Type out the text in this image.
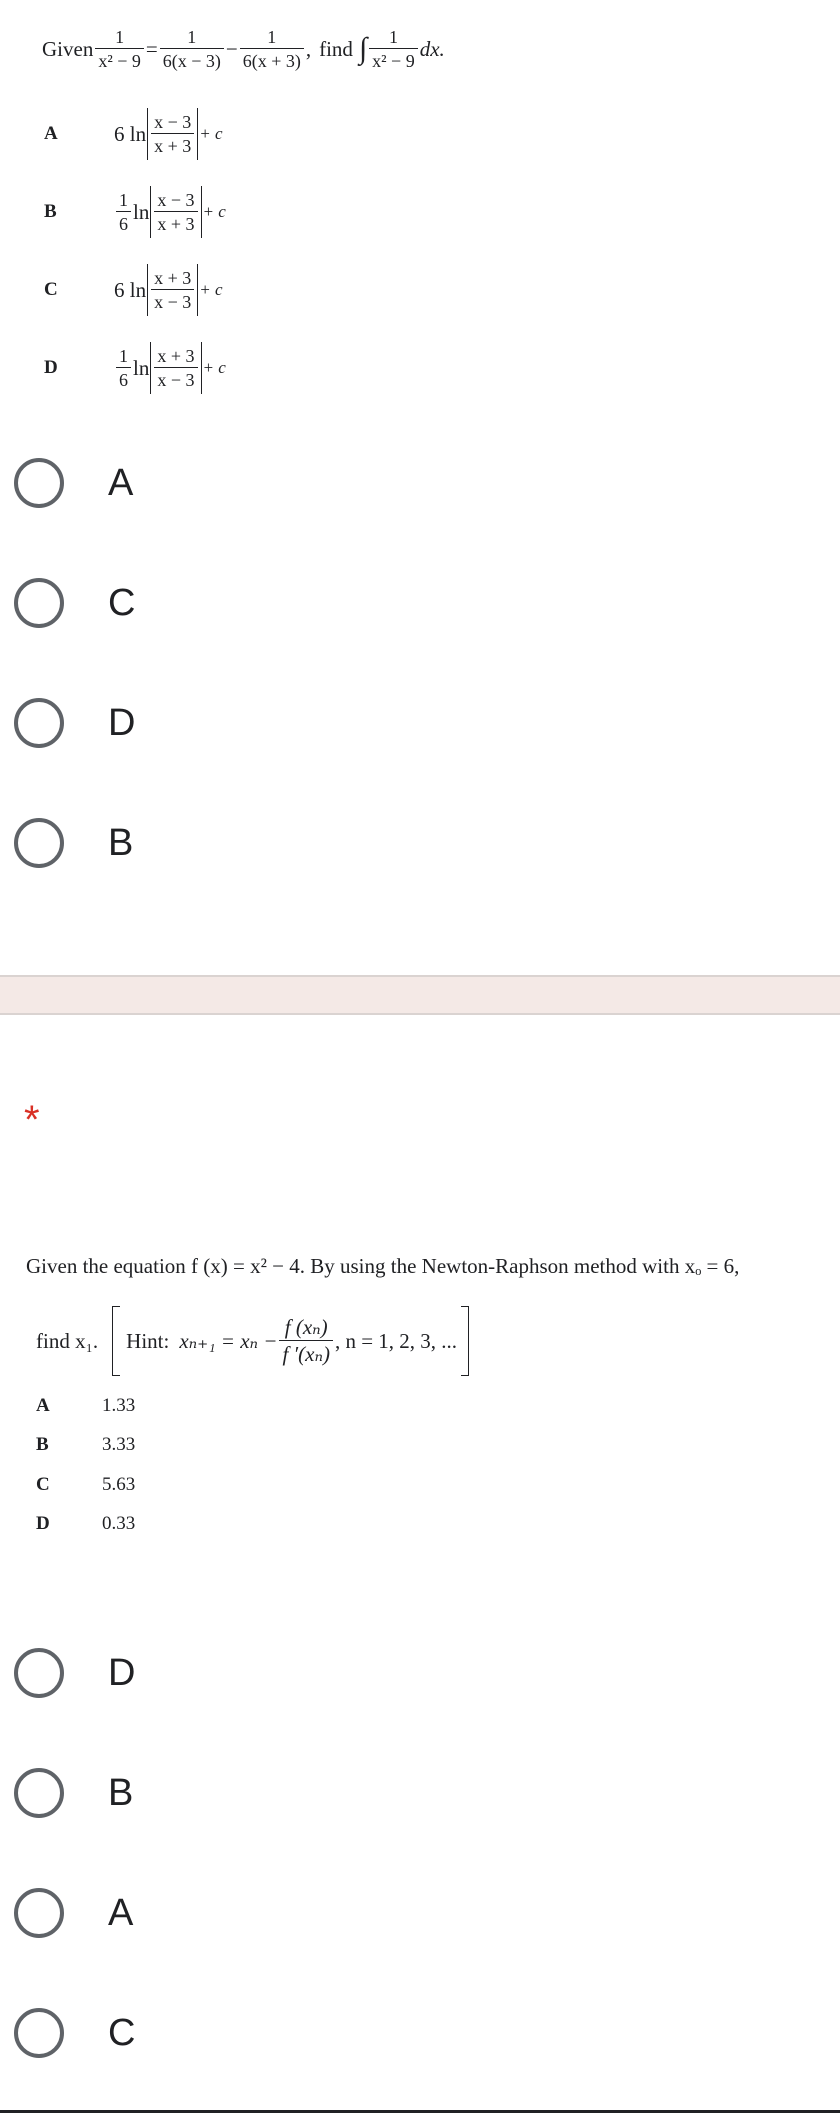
Given $\frac{1}{\text{x² − 9}} = \frac{1}{6(x - 3)} - \frac{1}{6(x + 3)}$ , find ∫ $\frac{1}{\text{x² − 9}}$ dx.
A	6 $\ln \frac{x - 3}{x + 3} + c$
B	$\frac{1}{6}$ $\ln \frac{x - 3}{x + 3} + c$
C	6 $\ln \frac{x + 3}{x - 3} + c$
D	$\frac{1}{6}$ $\ln \frac{x + 3}{x - 3} + c$
A
C
D
B
*
Given the equation f (x) = x² − 4. By using the Newton-Raphson method with xₒ = 6,
find x₁. Hint: $x_{n+1} = x_n - \frac{\text{f (xₙ)}}{\text{f ′(xₙ)}}$ , n = 1, 2, 3, ...
A	1.33
B	3.33
C	5.63
D	0.33
D
B
A
C
